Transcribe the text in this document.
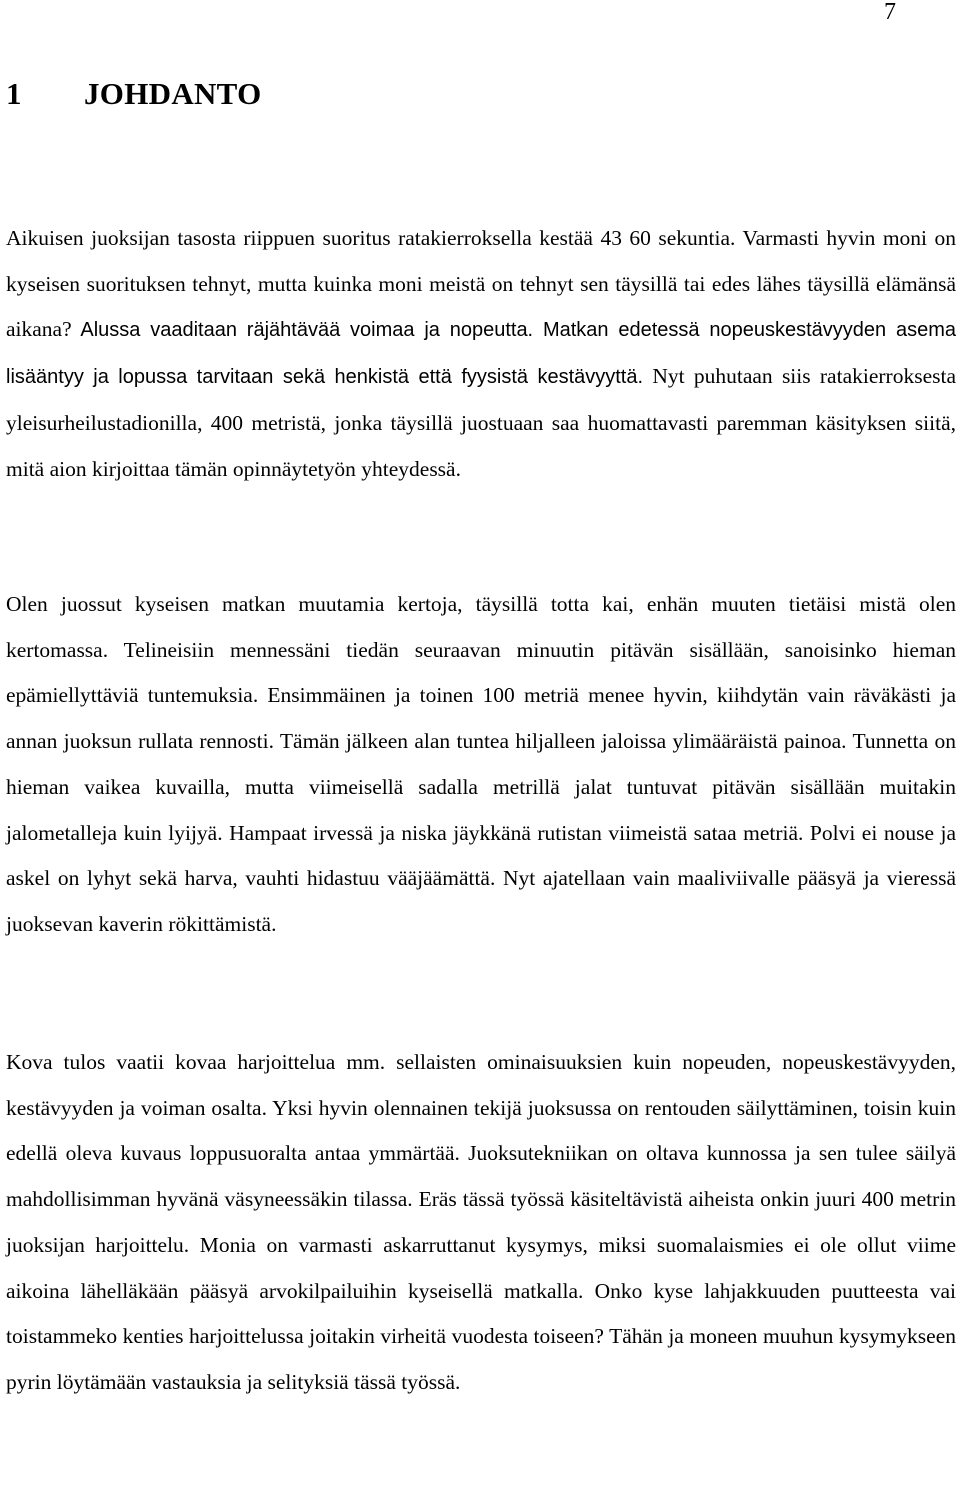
7
1 JOHDANTO

Aikuisen juoksijan tasosta riippuen suoritus ratakierroksella kestää 43 60 sekuntia. Varmasti hyvin moni on kyseisen suorituksen tehnyt, mutta kuinka moni meistä on tehnyt sen täysillä tai edes lähes täysillä elämänsä aikana? Alussa vaaditaan räjähtävää voimaa ja nopeutta. Matkan edetessä nopeuskestävyyden asema lisääntyy ja lopussa tarvitaan sekä henkistä että fyysistä kestävyyttä. Nyt puhutaan siis ratakierroksesta yleisurheilustadionilla, 400 metristä, jonka täysillä juostuaan saa huomattavasti paremman käsityksen siitä, mitä aion kirjoittaa tämän opinnäytetyön yhteydessä.

Olen juossut kyseisen matkan muutamia kertoja, täysillä totta kai, enhän muuten tietäisi mistä olen kertomassa. Telineisiin mennessäni tiedän seuraavan minuutin pitävän sisällään, sanoisinko hieman epämiellyttäviä tuntemuksia. Ensimmäinen ja toinen 100 metriä menee hyvin, kiihdytän vain räväkästi ja annan juoksun rullata rennosti. Tämän jälkeen alan tuntea hiljalleen jaloissa ylimääräistä painoa. Tunnetta on hieman vaikea kuvailla, mutta viimeisellä sadalla metrillä jalat tuntuvat pitävän sisällään muitakin jalometalleja kuin lyijyä. Hampaat irvessä ja niska jäykkänä rutistan viimeistä sataa metriä. Polvi ei nouse ja askel on lyhyt sekä harva, vauhti hidastuu vääjäämättä. Nyt ajatellaan vain maaliviivalle pääsyä ja vieressä juoksevan kaverin rökittämistä.

Kova tulos vaatii kovaa harjoittelua mm. sellaisten ominaisuuksien kuin nopeuden, nopeuskestävyyden, kestävyyden ja voiman osalta. Yksi hyvin olennainen tekijä juoksussa on rentouden säilyttäminen, toisin kuin edellä oleva kuvaus loppusuoralta antaa ymmärtää. Juoksutekniikan on oltava kunnossa ja sen tulee säilyä mahdollisimman hyvänä väsyneessäkin tilassa. Eräs tässä työssä käsiteltävistä aiheista onkin juuri 400 metrin juoksijan harjoittelu. Monia on varmasti askarruttanut kysymys, miksi suomalaismies ei ole ollut viime aikoina lähelläkään pääsyä arvokilpailuihin kyseisellä matkalla. Onko kyse lahjakkuuden puutteesta vai toistammeko kenties harjoittelussa joitakin virheitä vuodesta toiseen? Tähän ja moneen muuhun kysymykseen pyrin löytämään vastauksia ja selityksiä tässä työssä.
